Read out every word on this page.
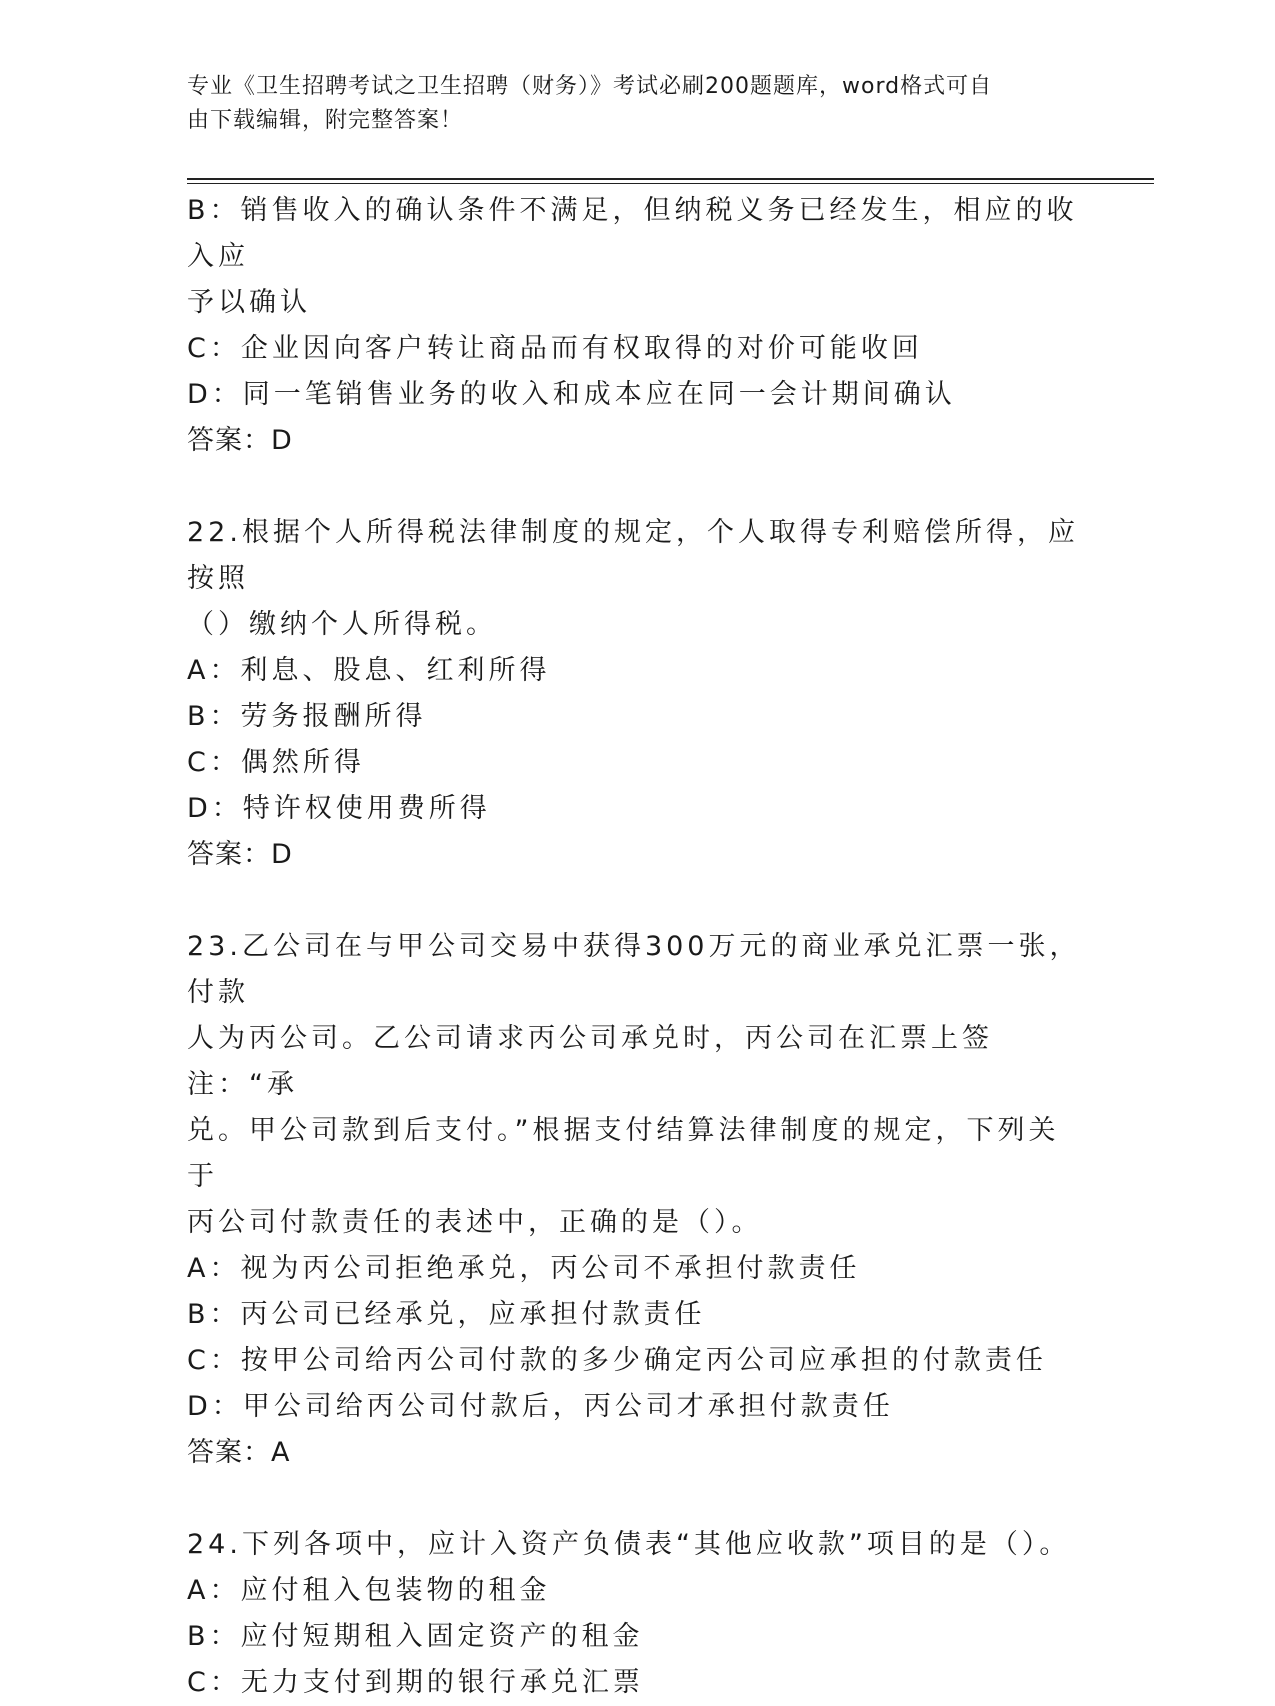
专业《卫生招聘考试之卫生招聘（财务）》考试必刷200题题库，word格式可自
由下载编辑，附完整答案！
B：销售收入的确认条件不满足，但纳税义务已经发生，相应的收入应
予以确认
C：企业因向客户转让商品而有权取得的对价可能收回
D：同一笔销售业务的收入和成本应在同一会计期间确认
答案：D
22.根据个人所得税法律制度的规定，个人取得专利赔偿所得，应按照
（）缴纳个人所得税。
A：利息、股息、红利所得
B：劳务报酬所得
C：偶然所得
D：特许权使用费所得
答案：D
23.乙公司在与甲公司交易中获得300万元的商业承兑汇票一张，付款
人为丙公司。乙公司请求丙公司承兑时，丙公司在汇票上签注：“承
兑。甲公司款到后支付。”根据支付结算法律制度的规定，下列关于
丙公司付款责任的表述中，正确的是（）。
A：视为丙公司拒绝承兑，丙公司不承担付款责任
B：丙公司已经承兑，应承担付款责任
C：按甲公司给丙公司付款的多少确定丙公司应承担的付款责任
D：甲公司给丙公司付款后，丙公司才承担付款责任
答案：A
24.下列各项中，应计入资产负债表“其他应收款”项目的是（）。
A：应付租入包装物的租金
B：应付短期租入固定资产的租金
C：无力支付到期的银行承兑汇票
